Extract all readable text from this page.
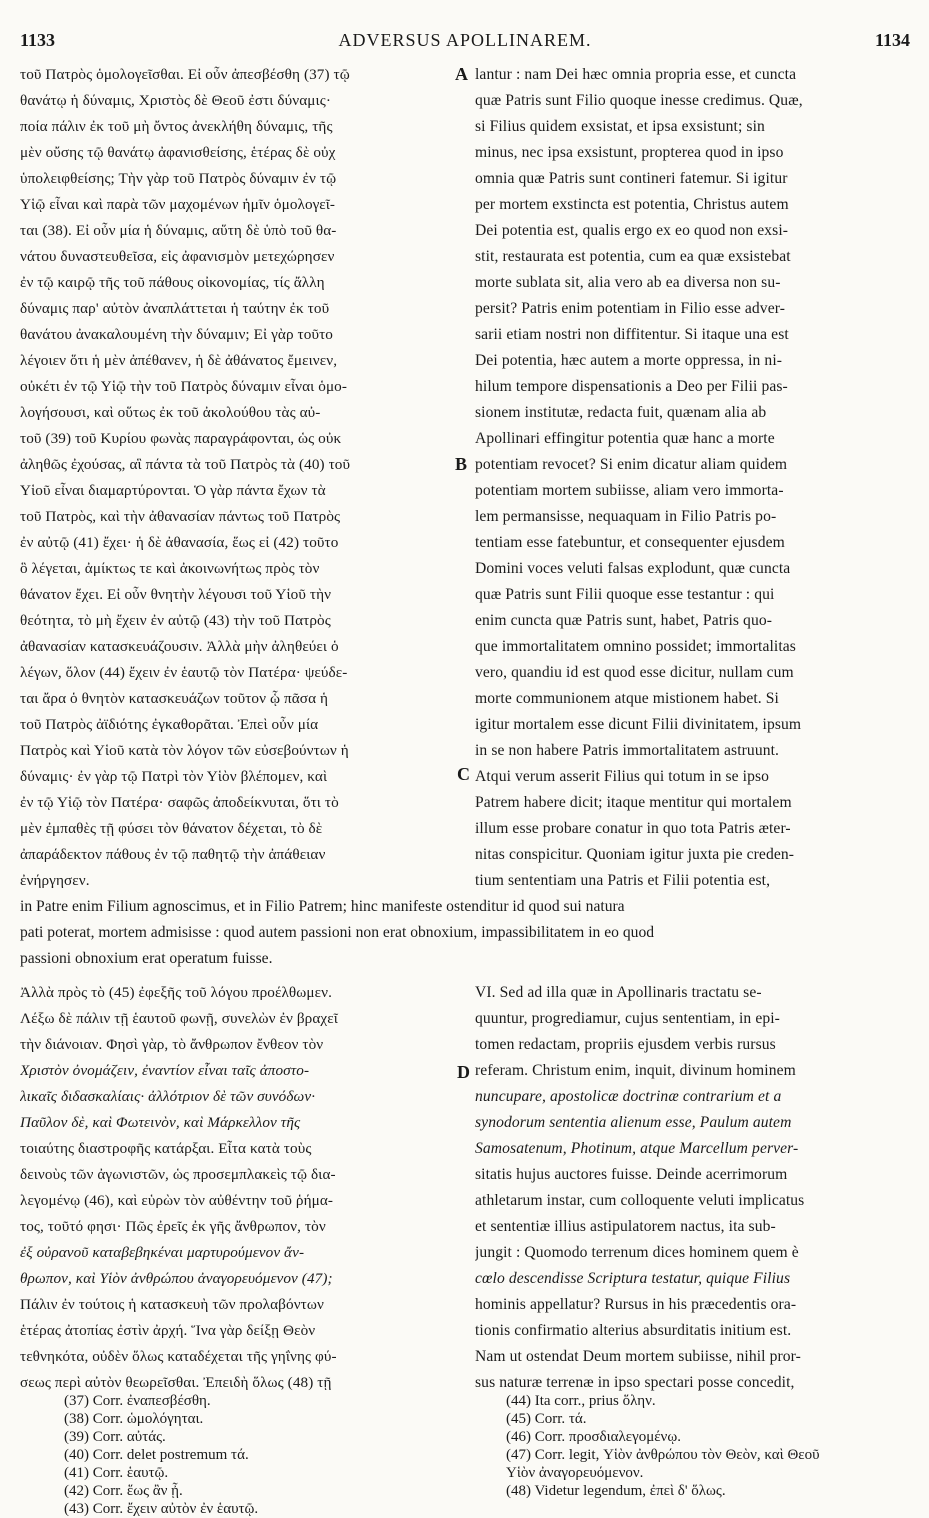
1133	ADVERSUS APOLLINAREM.	1134
τοῦ Πατρὸς ὁμολογεῖσθαι. Εἰ οὖν ἀπεσβέσθη (37) τῷ
θανάτῳ ἡ δύναμις, Χριστὸς δὲ Θεοῦ ἐστι δύναμις·
ποία πάλιν ἐκ τοῦ μὴ ὄντος ἀνεκλήθη δύναμις, τῆς
μὲν οὔσης τῷ θανάτῳ ἀφανισθείσης, ἑτέρας δὲ οὐχ
ὑπολειφθείσης; Τὴν γὰρ τοῦ Πατρὸς δύναμιν ἐν τῷ
Υἱῷ εἶναι καὶ παρὰ τῶν μαχομένων ἡμῖν ὁμολογεῖ-
ται (38). Εἰ οὖν μία ἡ δύναμις, αὕτη δὲ ὑπὸ τοῦ θα-
νάτου δυναστευθεῖσα, εἰς ἀφανισμὸν μετεχώρησεν
ἐν τῷ καιρῷ τῆς τοῦ πάθους οἰκονομίας, τίς ἄλλη
δύναμις παρ' αὐτὸν ἀναπλάττεται ἡ ταύτην ἐκ τοῦ
θανάτου ἀνακαλουμένη τὴν δύναμιν; Εἰ γὰρ τοῦτο
λέγοιεν ὅτι ἡ μὲν ἀπέθανεν, ἡ δὲ ἀθάνατος ἔμεινεν,
οὐκέτι ἐν τῷ Υἱῷ τὴν τοῦ Πατρὸς δύναμιν εἶναι ὁμο-
λογήσουσι, καὶ οὕτως ἐκ τοῦ ἀκολούθου τὰς αὐ-
τοῦ (39) τοῦ Κυρίου φωνὰς παραγράφονται, ὡς οὐκ
ἀληθῶς ἐχούσας, αἳ πάντα τὰ τοῦ Πατρὸς τὰ (40) τοῦ
Υἱοῦ εἶναι διαμαρτύρονται. Ὁ γὰρ πάντα ἔχων τὰ
τοῦ Πατρὸς, καὶ τὴν ἀθανασίαν πάντως τοῦ Πατρὸς
ἐν αὐτῷ (41) ἔχει· ἡ δὲ ἀθανασία, ἕως εἰ (42) τοῦτο
ὃ λέγεται, ἀμίκτως τε καὶ ἀκοινωνήτως πρὸς τὸν
θάνατον ἔχει. Εἰ οὖν θνητὴν λέγουσι τοῦ Υἱοῦ τὴν
θεότητα, τὸ μὴ ἔχειν ἐν αὐτῷ (43) τὴν τοῦ Πατρὸς
ἀθανασίαν κατασκευάζουσιν. Ἀλλὰ μὴν ἀληθεύει ὁ
λέγων, ὅλον (44) ἔχειν ἐν ἑαυτῷ τὸν Πατέρα· ψεύδε-
ται ἄρα ὁ θνητὸν κατασκευάζων τοῦτον ᾧ πᾶσα ἡ
τοῦ Πατρὸς ἀϊδιότης ἐγκαθορᾶται. Ἐπεὶ οὖν μία
Πατρὸς καὶ Υἱοῦ κατὰ τὸν λόγον τῶν εὐσεβούντων ἡ
δύναμις· ἐν γὰρ τῷ Πατρὶ τὸν Υἱὸν βλέπομεν, καὶ
ἐν τῷ Υἱῷ τὸν Πατέρα· σαφῶς ἀποδείκνυται, ὅτι τὸ
μὲν ἐμπαθὲς τῇ φύσει τὸν θάνατον δέχεται, τὸ δὲ
ἀπαράδεκτον πάθους ἐν τῷ παθητῷ τὴν ἀπάθειαν
ἐνήργησεν.
A
B
C
D
lantur : nam Dei hæc omnia propria esse, et cuncta
quæ Patris sunt Filio quoque inesse credimus. Quæ,
si Filius quidem exsistat, et ipsa exsistunt; sin
minus, nec ipsa exsistunt, propterea quod in ipso
omnia quæ Patris sunt contineri fatemur. Si igitur
per mortem exstincta est potentia, Christus autem
Dei potentia est, qualis ergo ex eo quod non exsi-
stit, restaurata est potentia, cum ea quæ exsistebat
morte sublata sit, alia vero ab ea diversa non su-
persit? Patris enim potentiam in Filio esse adver-
sarii etiam nostri non diffitentur. Si itaque una est
Dei potentia, hæc autem a morte oppressa, in ni-
hilum tempore dispensationis a Deo per Filii pas-
sionem institutæ, redacta fuit, quænam alia ab
Apollinari effingitur potentia quæ hanc a morte
potentiam revocet? Si enim dicatur aliam quidem
potentiam mortem subiisse, aliam vero immorta-
lem permansisse, nequaquam in Filio Patris po-
tentiam esse fatebuntur, et consequenter ejusdem
Domini voces veluti falsas explodunt, quæ cuncta
quæ Patris sunt Filii quoque esse testantur : qui
enim cuncta quæ Patris sunt, habet, Patris quo-
que immortalitatem omnino possidet; immortalitas
vero, quandiu id est quod esse dicitur, nullam cum
morte communionem atque mistionem habet. Si
igitur mortalem esse dicunt Filii divinitatem, ipsum
in se non habere Patris immortalitatem astruunt.
Atqui verum asserit Filius qui totum in se ipso
Patrem habere dicit; itaque mentitur qui mortalem
illum esse probare conatur in quo tota Patris æter-
nitas conspicitur. Quoniam igitur juxta pie creden-
tium sententiam una Patris et Filii potentia est,
in Patre enim Filium agnoscimus, et in Filio Patrem; hinc manifeste ostenditur id quod sui natura
pati poterat, mortem admisisse : quod autem passioni non erat obnoxium, impassibilitatem in eo quod
passioni obnoxium erat operatum fuisse.
Ἀλλὰ πρὸς τὸ (45) ἐφεξῆς τοῦ λόγου προέλθωμεν.
Λέξω δὲ πάλιν τῇ ἑαυτοῦ φωνῇ, συνελὼν ἐν βραχεῖ
τὴν διάνοιαν. Φησὶ γὰρ, τὸ ἄνθρωπον ἔνθεον τὸν
Χριστὸν ὀνομάζειν, ἐναντίον εἶναι ταῖς ἀποστο-
λικαῖς διδασκαλίαις· ἀλλότριον δὲ τῶν συνόδων·
Παῦλον δὲ, καὶ Φωτεινὸν, καὶ Μάρκελλον τῆς
τοιαύτης διαστροφῆς κατάρξαι. Εἶτα κατὰ τοὺς
δεινοὺς τῶν ἀγωνιστῶν, ὡς προσεμπλακεὶς τῷ δια-
λεγομένῳ (46), καὶ εὑρὼν τὸν αὐθέντην τοῦ ῥήμα-
τος, τοῦτό φησι· Πῶς ἐρεῖς ἐκ γῆς ἄνθρωπον, τὸν
ἐξ οὐρανοῦ καταβεβηκέναι μαρτυρούμενον ἄν-
θρωπον, καὶ Υἱὸν ἀνθρώπου ἀναγορευόμενον (47);
Πάλιν ἐν τούτοις ἡ κατασκευὴ τῶν προλαβόντων
ἑτέρας ἀτοπίας ἐστὶν ἀρχή. Ἵνα γὰρ δείξῃ Θεὸν
τεθνηκότα, οὐδὲν ὅλως καταδέχεται τῆς γηΐνης φύ-
σεως περὶ αὐτὸν θεωρεῖσθαι. Ἐπειδὴ ὅλως (48) τῇ
VI. Sed ad illa quæ in Apollinaris tractatu se-
quuntur, progrediamur, cujus sententiam, in epi-
tomen redactam, propriis ejusdem verbis rursus
referam. Christum enim, inquit, divinum hominem
nuncupare, apostolicæ doctrinæ contrarium et a
synodorum sententia alienum esse, Paulum autem
Samosatenum, Photinum, atque Marcellum perver-
sitatis hujus auctores fuisse. Deinde acerrimorum
athletarum instar, cum colloquente veluti implicatus
et sententiæ illius astipulatorem nactus, ita sub-
jungit : Quomodo terrenum dices hominem quem è
cœlo descendisse Scriptura testatur, quique Filius
hominis appellatur? Rursus in his præcedentis ora-
tionis confirmatio alterius absurditatis initium est.
Nam ut ostendat Deum mortem subiisse, nihil pror-
sus naturæ terrenæ in ipso spectari posse concedit,
(37) Corr. ἐναπεσβέσθη.
(38) Corr. ὡμολόγηται.
(39) Corr. αὐτάς.
(40) Corr. delet postremum τά.
(41) Corr. ἑαυτῷ.
(42) Corr. ἕως ἂν ᾖ.
(43) Corr. ἔχειν αὐτὸν ἐν ἑαυτῷ.
(44) Ita corr., prius ὅλην.
(45) Corr. τά.
(46) Corr. προσδιαλεγομένῳ.
(47) Corr. legit, Υἱὸν ἀνθρώπου τὸν Θεὸν, καὶ Θεοῦ
Υἱὸν ἀναγορευόμενον.
(48) Videtur legendum, ἐπεὶ δ' ὅλως.
